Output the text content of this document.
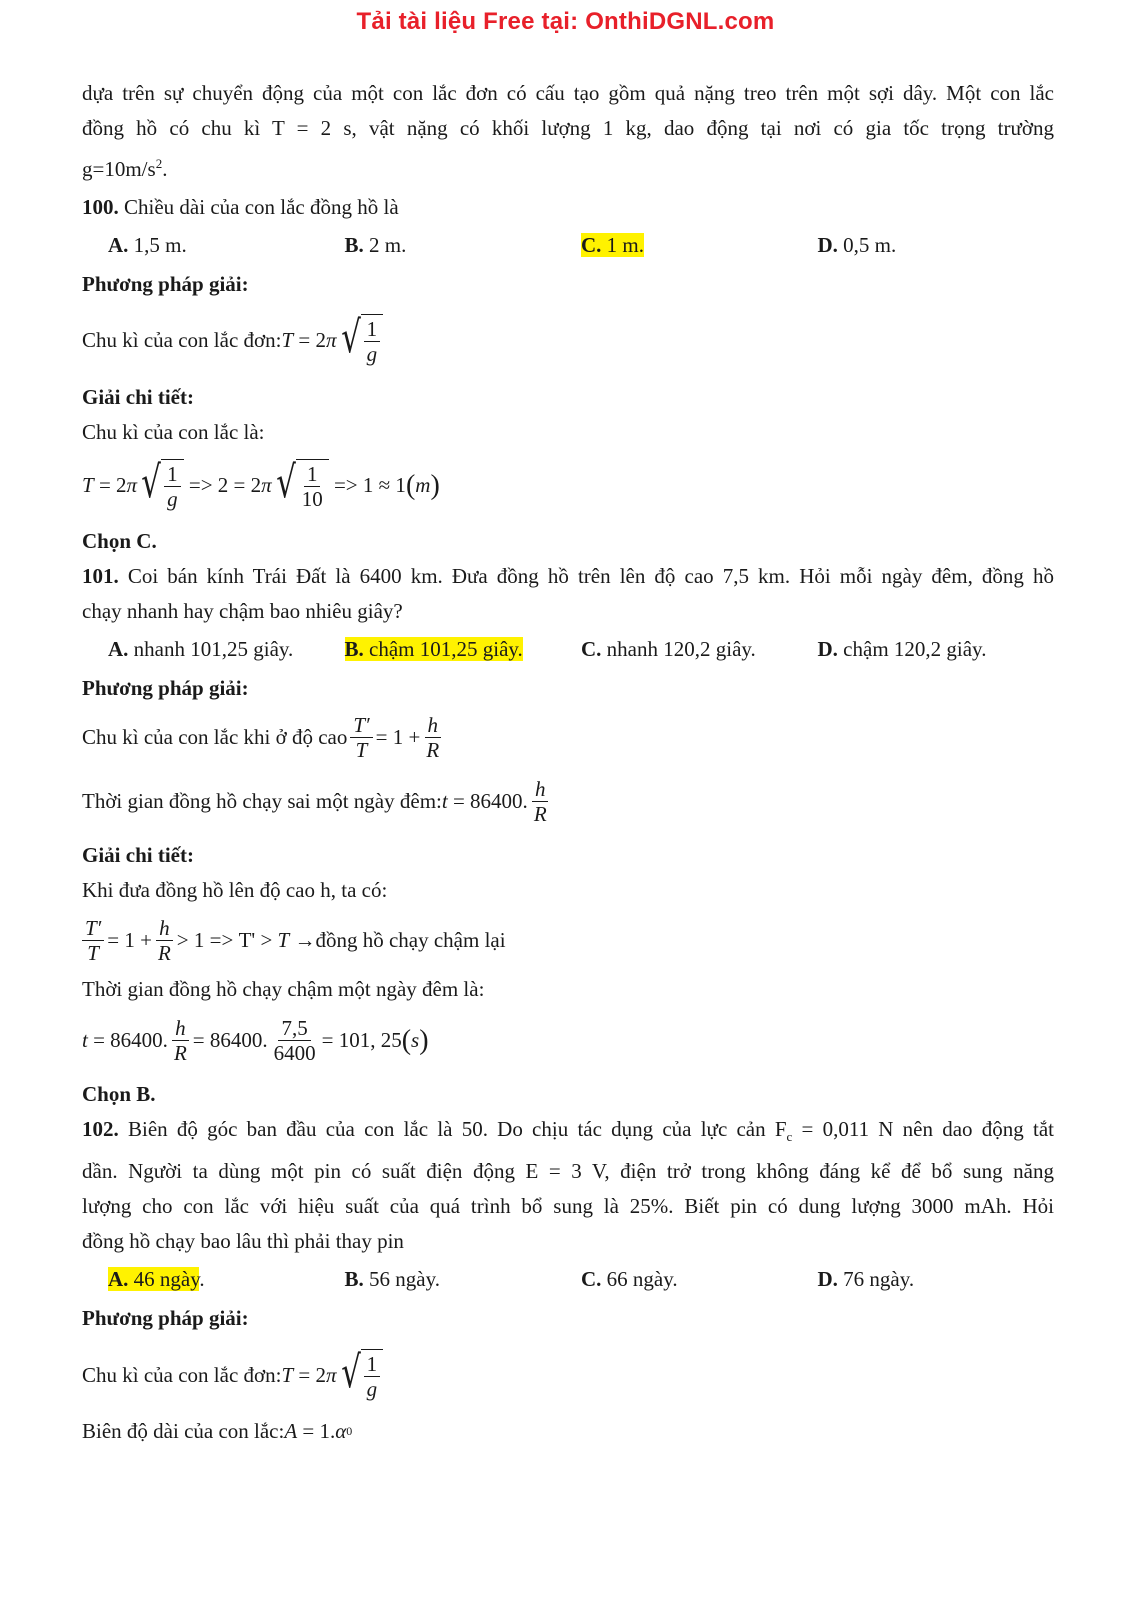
Tải tài liệu Free tại: OnthiDGNL.com

dựa trên sự chuyển động của một con lắc đơn có cấu tạo gồm quả nặng treo trên một sợi dây. Một con lắc

đồng hồ có chu kì T = 2 s, vật nặng có khối lượng 1 kg, dao động tại nơi có gia tốc trọng trường

$g=10m/s^2$.

100. Chiều dài của con lắc đồng hồ là

A. 1,5 m.	B. 2 m.	C. 1 m.	D. 0,5 m.

Phương pháp giải:

Chu kì của con lắc đơn: T = 2 π √ $\frac{1}{g}$

Giải chi tiết:

Chu kì của con lắc là:

T = 2 π √ $\frac{1}{g} => 2 = 2$ π √ $\frac{1}{10} => 1 \approx 1$ ( m )

Chọn C.

101. Coi bán kính Trái Đất là 6400 km. Đưa đồng hồ trên lên độ cao 7,5 km. Hỏi mỗi ngày đêm, đồng hồ

chạy nhanh hay chậm bao nhiêu giây?

A. nhanh 101,25 giây.	B. chậm 101,25 giây.	C. nhanh 120,2 giây.	D. chậm 120,2 giây.

Phương pháp giải:

Chu kì của con lắc khi ở độ cao $\frac{T'}{T} = 1 + \frac{h}{R}$
Thời gian đồng hồ chạy sai một ngày đêm: t = 86400. $\frac{h}{R}$

Giải chi tiết:

Khi đưa đồng hồ lên độ cao h, ta có:

$\frac{T'}{T} = 1 + \frac{h}{R} > 1 => T' > T$ → đồng hồ chạy chậm lại

Thời gian đồng hồ chạy chậm một ngày đêm là:

t = 86400. $\frac{h}{R} = 86400$. $\frac{7,5}{6400} = 101$, 25 ( s )

Chọn B.

102. Biên độ góc ban đầu của con lắc là 50. Do chịu tác dụng của lực cản $F_c = 0,011$ N nên dao động tắt

dần. Người ta dùng một pin có suất điện động E = 3 V, điện trở trong không đáng kể để bổ sung năng

lượng cho con lắc với hiệu suất của quá trình bổ sung là 25%. Biết pin có dung lượng 3000 mAh. Hỏi

đồng hồ chạy bao lâu thì phải thay pin

A. 46 ngày.	B. 56 ngày.	C. 66 ngày.	D. 76 ngày.

Phương pháp giải:

Chu kì của con lắc đơn: T = 2 π √ $\frac{1}{g}$
Biên độ dài của con lắc: A = 1. α 0
